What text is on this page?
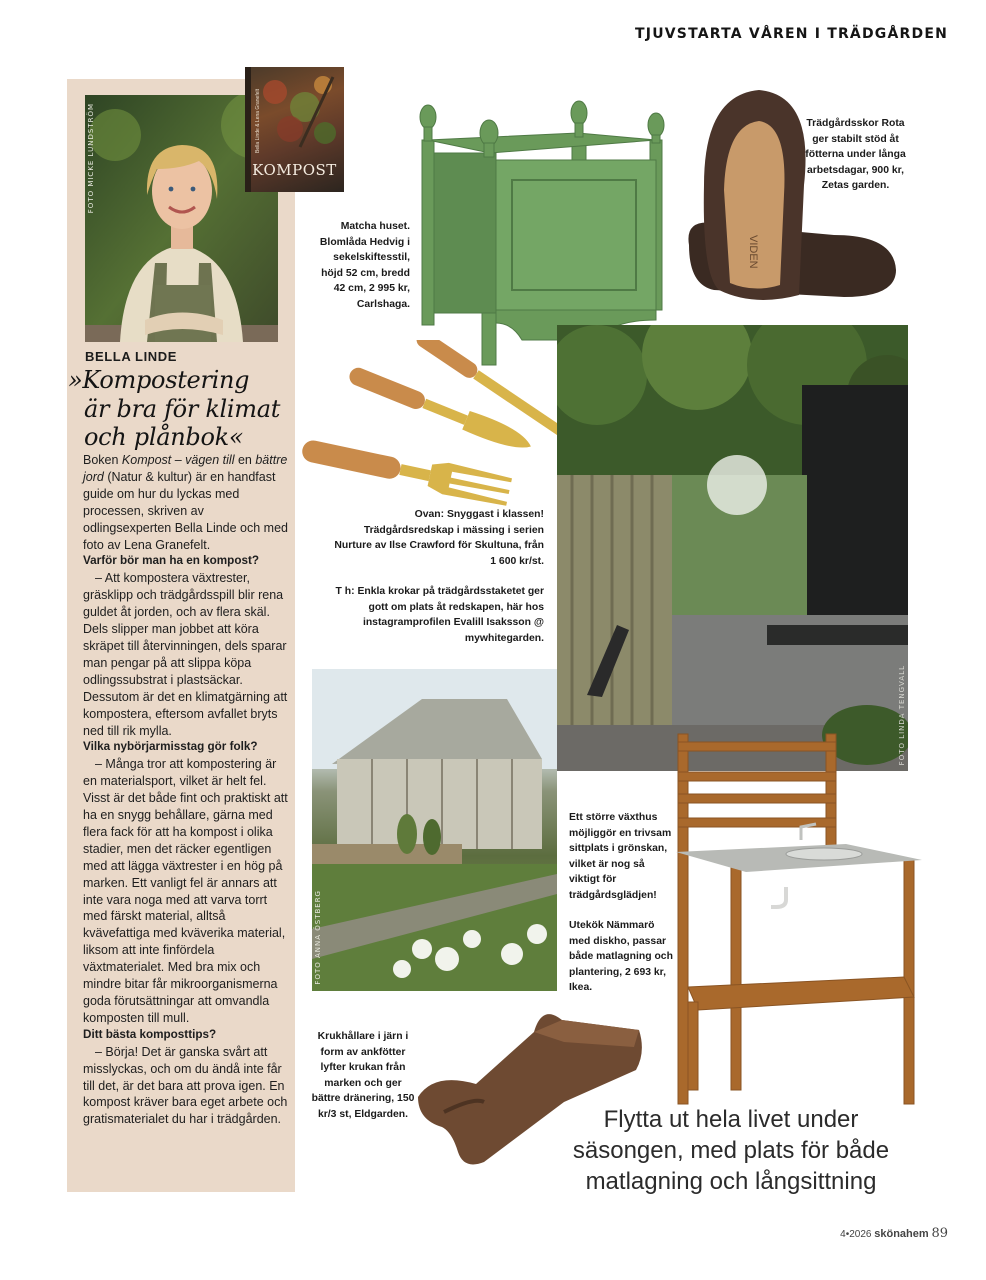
TJUVSTARTA VÅREN I TRÄDGÅRDEN
FOTO MICKE LUNDSTRÖM	Bella Linde & Lena Granefelt
KOMPOST
BELLA LINDE
»Kompostering
är bra för klimat
och plånbok«

Boken Kompost – vägen till en bättre jord (Natur & kultur) är en handfast guide om hur du lyckas med processen, skriven av odlingsexperten Bella Linde och med foto av Lena Granefelt.

Varför bör man ha en kompost?

– Att kompostera växtrester, gräsklipp och trädgårdsspill blir rena guldet åt jorden, och av flera skäl. Dels slipper man jobbet att köra skräpet till återvinningen, dels sparar man pengar på att slippa köpa odlingssubstrat i plastsäckar. Dessutom är det en klimatgärning att kompostera, eftersom avfallet bryts ned till rik mylla.

Vilka nybörjarmisstag gör folk?

– Många tror att kompostering är en materialsport, vilket är helt fel. Visst är det både fint och praktiskt att ha en snygg behållare, gärna med flera fack för att ha kompost i olika stadier, men det räcker egentligen med att lägga växtrester i en hög på marken. Ett vanligt fel är annars att inte vara noga med att varva torrt med färskt material, alltså kvävefattiga med kväverika material, liksom att inte finfördela växtmaterialet. Med bra mix och mindre bitar får mikroorganismerna goda förutsättningar att omvandla komposten till mull.

Ditt bästa komposttips?

– Börja! Det är ganska svårt att misslyckas, och om du ändå inte får till det, är det bara att prova igen. En kompost kräver bara eget arbete och gratismaterialet du har i trädgården.

VIDEN
Trädgårdsskor Rota ger stabilt stöd åt fötterna under långa arbetsdagar, 900 kr, Zetas garden.
Matcha huset. Blomlåda Hedvig i sekelskiftesstil, höjd 52 cm, bredd 42 cm, 2 995 kr, Carlshaga.

Ovan: Snyggast i klassen! Trädgårdsredskap i mässing i serien Nurture av Ilse Crawford för Skultuna, från 1 600 kr/st.

T h: Enkla krokar på trädgårdsstaketet ger gott om plats åt redskapen, här hos instagramprofilen Evalill Isaksson @ mywhitegarden.

FOTO LINDA TENGVALL
FOTO ANNA ÖSTBERG

Ett större växthus möjliggör en trivsam sittplats i grönskan, vilket är nog så viktigt för trädgårdsglädjen!

Utekök Nämmarö med diskho, passar både matlagning och plantering, 2 693 kr, Ikea.

Krukhållare i järn i form av ankfötter lyfter krukan från marken och ger bättre dränering, 150 kr/3 st, Eldgarden.	Flytta ut hela livet under
säsongen, med plats för både
matlagning och långsittning
4•2026 skönahem 89
